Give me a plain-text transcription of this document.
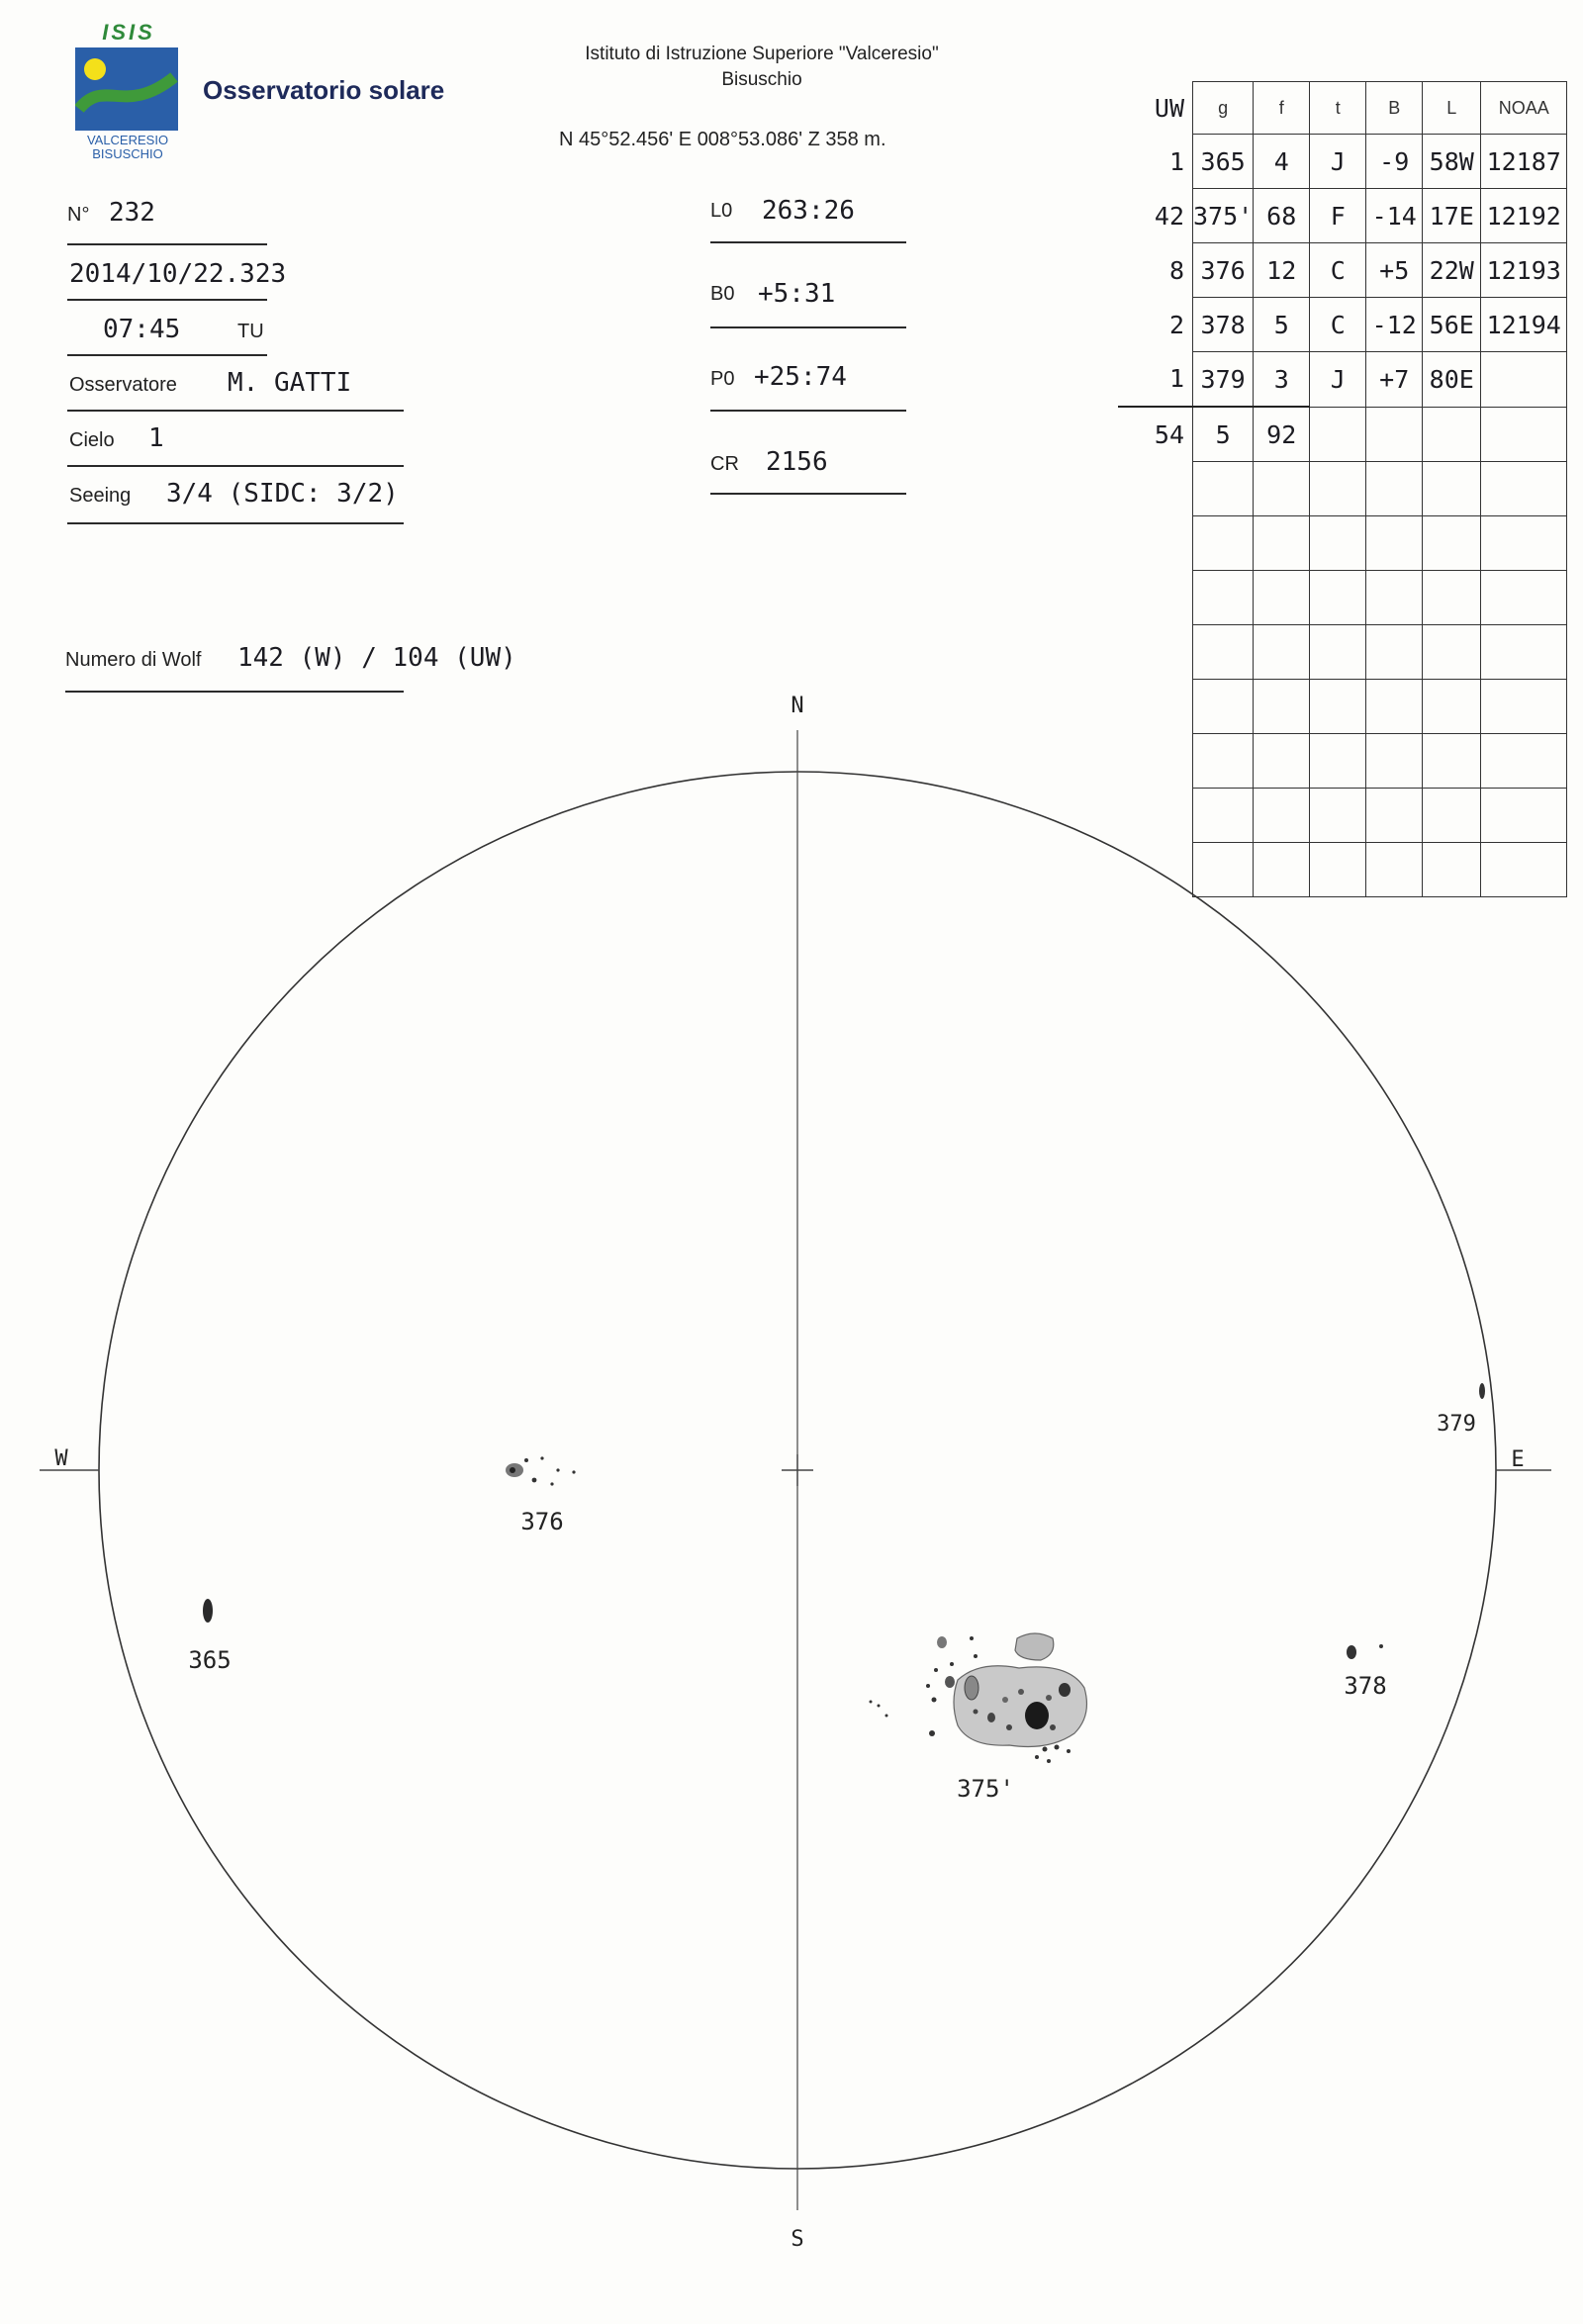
ISIS
VALCERESIO
BISUSCHIO
Osservatorio solare
Istituto di Istruzione Superiore "Valceresio"
Bisuschio
N 45°52.456' E 008°53.086' Z 358 m.
N° 232
2014/10/22.323
07:45	TU
Osservatore M. GATTI
Cielo 1
Seeing 3/4 (SIDC: 3/2)
Numero di Wolf 142 (W) / 104 (UW)
L0 263:26
B0 +5:31
P0 +25:74
CR 2156
UW	g	f	t	B	L	NOAA
1	365	4	J	-9	58W	12187
42	375'	68	F	-14	17E	12192
8	376	12	C	+5	22W	12193
2	378	5	C	-12	56E	12194
1	379	3	J	+7	80E	
54	5	92				

N
S
W	E
365
376
375'
378
379
